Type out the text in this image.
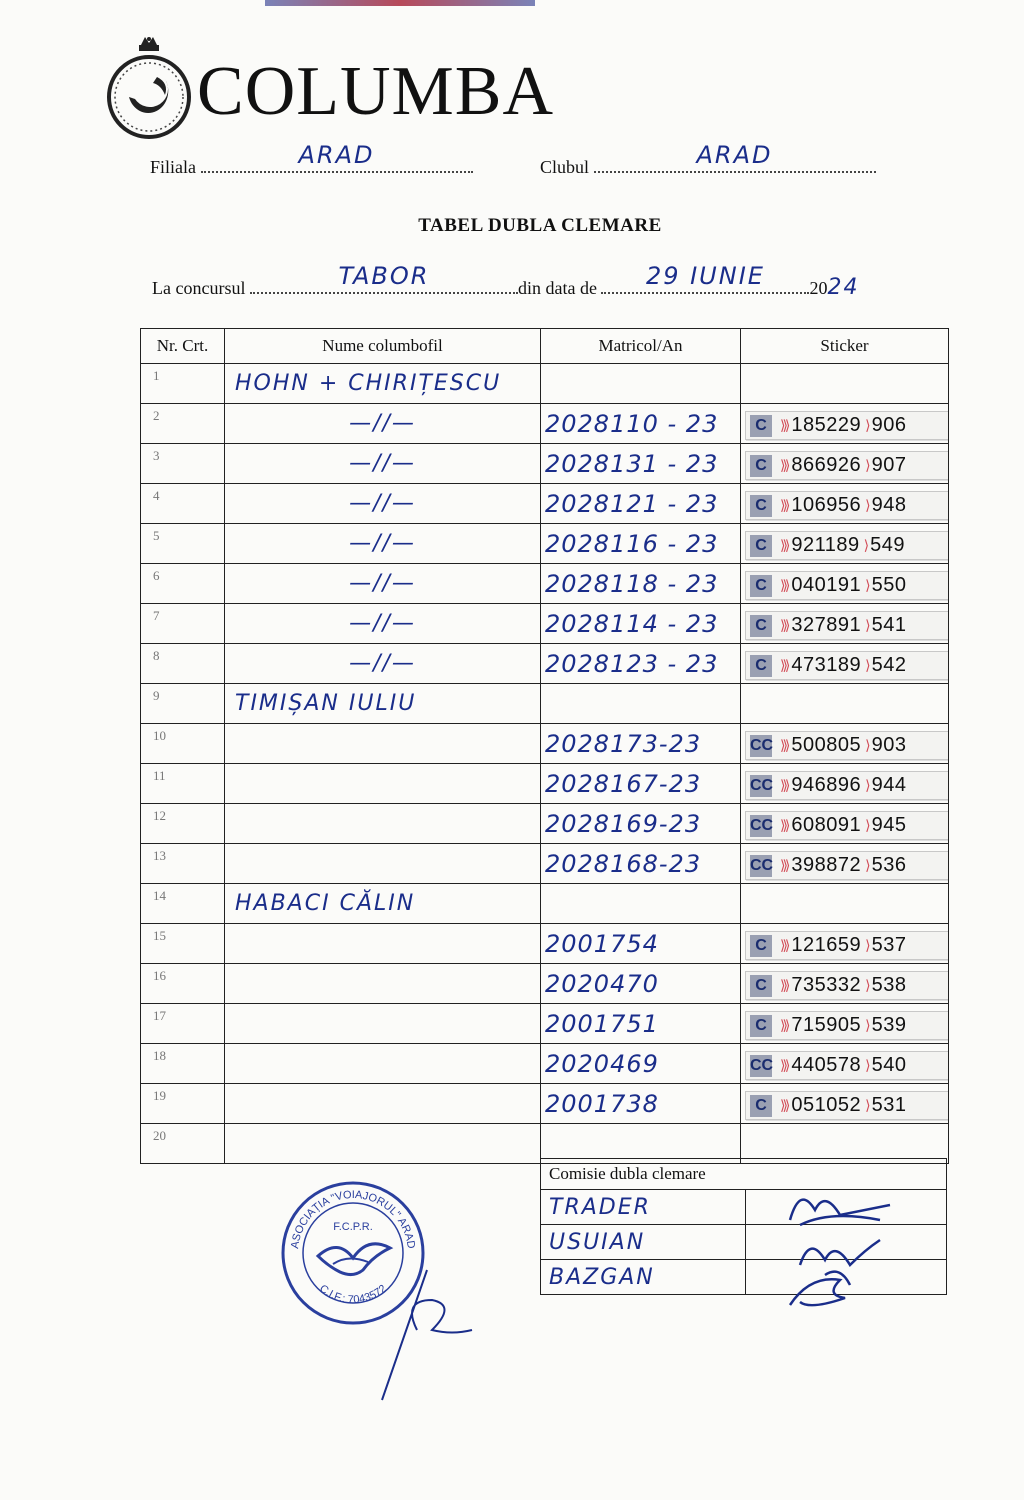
COLUMBA
Filiala	ARAD	Clubul	ARAD
TABEL DUBLA CLEMARE
La concursul	TABOR	din data de	29 IUNIE	2024
Nr. Crt.	Nume columbofil	Matricol/An	Sticker
1	HOHN + CHIRIȚESCU		
2	—//—	2028110 - 23	C ⟩⟩⟩ 185229 ⟩ 906

3	—//—	2028131 - 23	C ⟩⟩⟩ 866926 ⟩ 907

4	—//—	2028121 - 23	C ⟩⟩⟩ 106956 ⟩ 948

5	—//—	2028116 - 23	C ⟩⟩⟩ 921189 ⟩ 549

6	—//—	2028118 - 23	C ⟩⟩⟩ 040191 ⟩ 550

7	—//—	2028114 - 23	C ⟩⟩⟩ 327891 ⟩ 541

8	—//—	2028123 - 23	C ⟩⟩⟩ 473189 ⟩ 542

9	TIMIȘAN IULIU		
10		2028173-23	CC ⟩⟩⟩ 500805 ⟩ 903

11		2028167-23	CC ⟩⟩⟩ 946896 ⟩ 944

12		2028169-23	CC ⟩⟩⟩ 608091 ⟩ 945

13		2028168-23	CC ⟩⟩⟩ 398872 ⟩ 536

14	HABACI CĂLIN		
15		2001754	C ⟩⟩⟩ 121659 ⟩ 537

16		2020470	C ⟩⟩⟩ 735332 ⟩ 538

17		2001751	C ⟩⟩⟩ 715905 ⟩ 539

18		2020469	CC ⟩⟩⟩ 440578 ⟩ 540

19		2001738	C ⟩⟩⟩ 051052 ⟩ 531

20			
ASOCIAȚIA "VOIAJORUL" ARAD
C.I.F.: 7043572
F.C.P.R.
Comisie dubla clemare	
TRADER	
USUIAN	
BAZGAN	
